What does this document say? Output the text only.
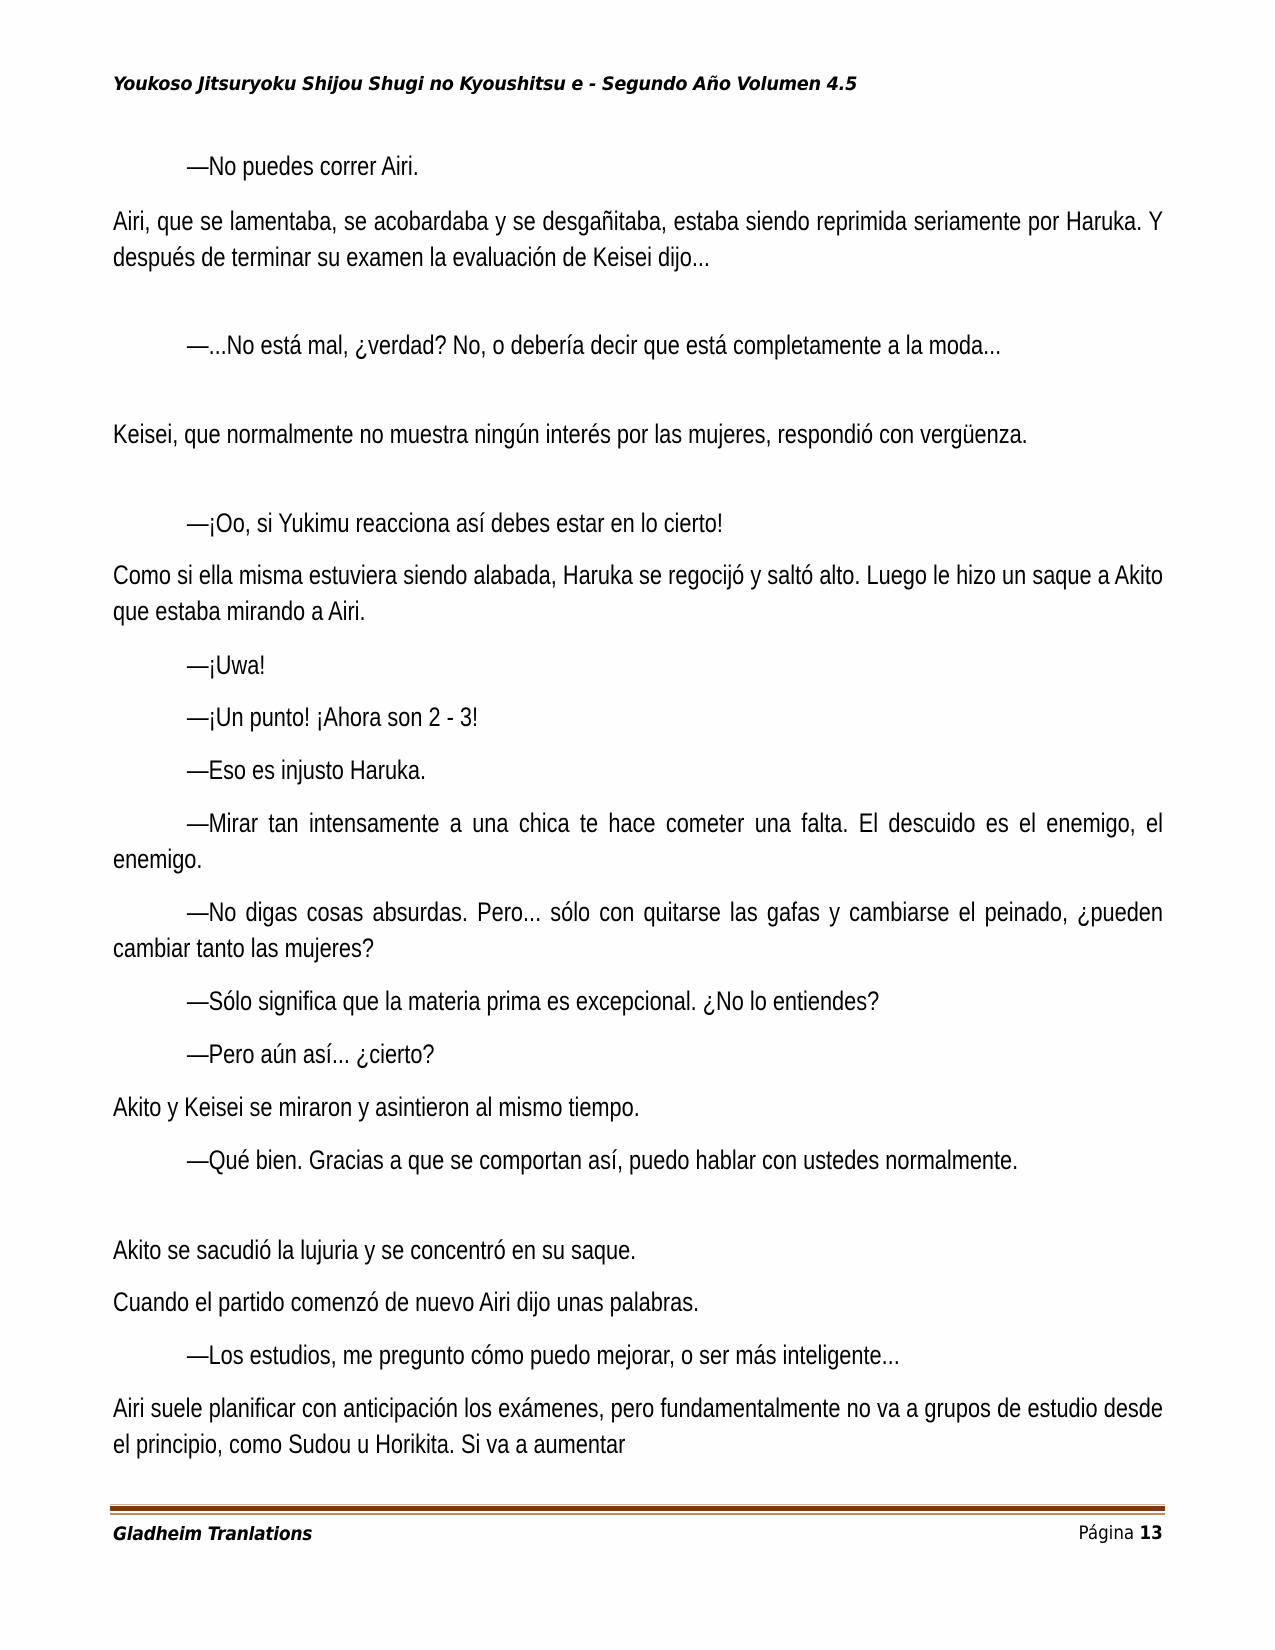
Youkoso Jitsuryoku Shijou Shugi no Kyoushitsu e - Segundo Año Volumen 4.5

—No puedes correr Airi.

Airi, que se lamentaba, se acobardaba y se desgañitaba, estaba siendo reprimida seriamente por Haruka. Y después de terminar su examen la evaluación de Keisei dijo...

—...No está mal, ¿verdad? No, o debería decir que está completamente a la moda...

Keisei, que normalmente no muestra ningún interés por las mujeres, respondió con vergüenza.

—¡Oo, si Yukimu reacciona así debes estar en lo cierto!

Como si ella misma estuviera siendo alabada, Haruka se regocijó y saltó alto. Luego le hizo un saque a Akito que estaba mirando a Airi.

—¡Uwa!

—¡Un punto! ¡Ahora son 2 - 3!

—Eso es injusto Haruka.

—Mirar tan intensamente a una chica te hace cometer una falta. El descuido es el enemigo, el enemigo.

—No digas cosas absurdas. Pero... sólo con quitarse las gafas y cambiarse el peinado, ¿pueden cambiar tanto las mujeres?

—Sólo significa que la materia prima es excepcional. ¿No lo entiendes?

—Pero aún así... ¿cierto?

Akito y Keisei se miraron y asintieron al mismo tiempo.

—Qué bien. Gracias a que se comportan así, puedo hablar con ustedes normalmente.

Akito se sacudió la lujuria y se concentró en su saque.

Cuando el partido comenzó de nuevo Airi dijo unas palabras.

—Los estudios, me pregunto cómo puedo mejorar, o ser más inteligente...

Airi suele planificar con anticipación los exámenes, pero fundamentalmente no va a grupos de estudio desde el principio, como Sudou u Horikita. Si va a aumentar

Gladheim Tranlations	Página 13
